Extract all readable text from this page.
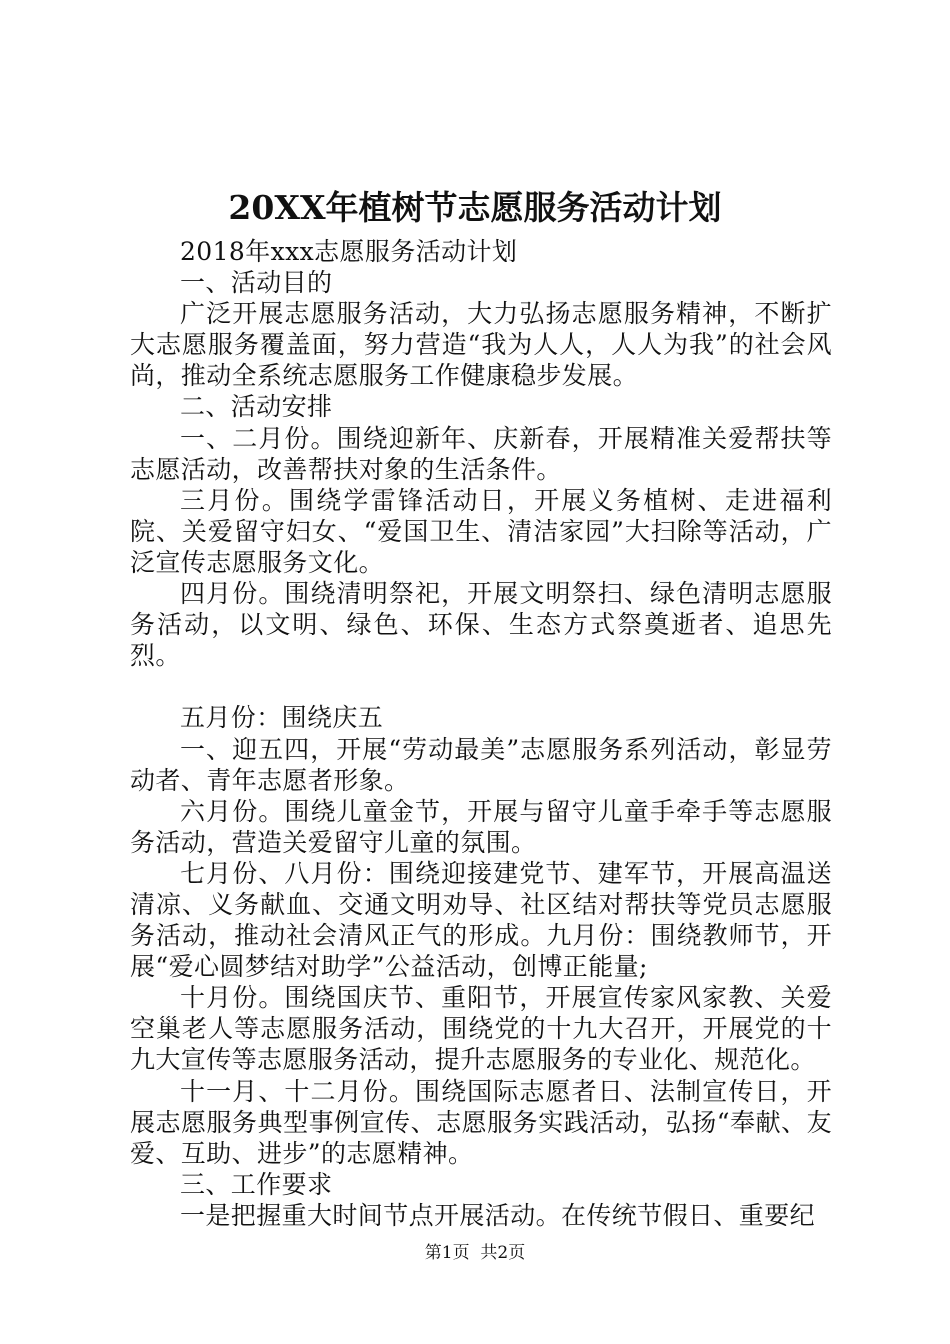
20XX年植树节志愿服务活动计划

2018年xxx志愿服务活动计划

一、活动目的

广泛开展志愿服务活动，大力弘扬志愿服务精神，不断扩大志愿服务覆盖面，努力营造“我为人人，人人为我”的社会风尚，推动全系统志愿服务工作健康稳步发展。

二、活动安排

一、二月份。围绕迎新年、庆新春，开展精准关爱帮扶等志愿活动，改善帮扶对象的生活条件。

三月份。围绕学雷锋活动日，开展义务植树、走进福利院、关爱留守妇女、“爱国卫生、清洁家园”大扫除等活动，广泛宣传志愿服务文化。

四月份。围绕清明祭祀，开展文明祭扫、绿色清明志愿服务活动，以文明、绿色、环保、生态方式祭奠逝者、追思先烈。

五月份：围绕庆五

一、迎五四，开展“劳动最美”志愿服务系列活动，彰显劳动者、青年志愿者形象。

六月份。围绕儿童金节，开展与留守儿童手牵手等志愿服务活动，营造关爱留守儿童的氛围。

七月份、八月份：围绕迎接建党节、建军节，开展高温送清凉、义务献血、交通文明劝导、社区结对帮扶等党员志愿服务活动，推动社会清风正气的形成。九月份：围绕教师节，开展“爱心圆梦结对助学”公益活动，创博正能量;

十月份。围绕国庆节、重阳节，开展宣传家风家教、关爱空巢老人等志愿服务活动，围绕党的十九大召开，开展党的十九大宣传等志愿服务活动，提升志愿服务的专业化、规范化。

十一月、十二月份。围绕国际志愿者日、法制宣传日，开展志愿服务典型事例宣传、志愿服务实践活动，弘扬“奉献、友爱、互助、进步”的志愿精神。

三、工作要求

一是把握重大时间节点开展活动。在传统节假日、重要纪

第1页  共2页
